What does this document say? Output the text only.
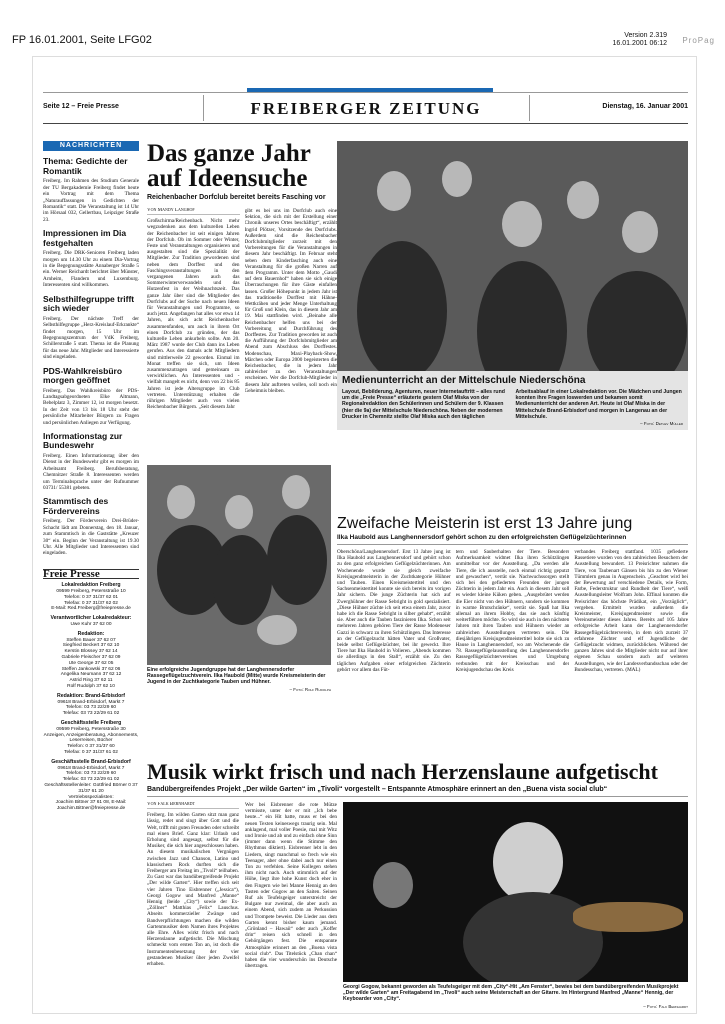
FP 16.01.2001, Seite LFG02	Version 2.319
16.01.2001 06:12 ProPag
Seite 12 – Freie Presse	FREIBERGER ZEITUNG	Dienstag, 16. Januar 2001
NACHRICHTEN
Thema: Gedichte der Romantik

Freiberg. Im Rahmen des Studium Generale der TU Bergakademie Freiberg findet heute ein Vortrag mit dem Thema „Naturauffassungen in Gedichten der Romantik“ statt. Die Veranstaltung ist 14 Uhr im Hörsaal 032, Gellertbau, Leipziger Straße 23.

Impressionen im Dia festgehalten

Freiberg. Die DRK-Senioren Freiberg laden morgen um 14.30 Uhr zu einem Dia-Vortrag in die Begegnungsstätte Annaberger Straße 5 ein. Werner Reichardt berichtet über Münster, Arnheim, Flandern und Luxemburg. Interessenten sind willkommen.

Selbsthilfegruppe trifft sich wieder

Freiberg. Der nächste Treff der Selbsthilfegruppe „Herz-Kreislauf-Erkrankte“ findet morgen, 15 Uhr im Begegnungszentrum der VdK Freiberg, Schillerstraße 5 statt. Thema ist die Planung für das neue Jahr. Mitglieder und Interessierte sind eingeladen.

PDS-Wahlkreisbüro morgen geöffnet

Freiberg. Das Wahlkreisbüro der PDS-Landtagsabgeordneten Elke Altmann, Bebelplatz 3, Zimmer 12, ist morgen besetzt. In der Zeit von 13 bis 18 Uhr steht der persönliche Mitarbeiter Bürgern zu Fragen und persönlichen Anliegen zur Verfügung.

Informationstag zur Bundeswehr

Freiberg. Einen Informationstag über den Dienst in der Bundeswehr gibt es morgen im Arbeitsamt Freiberg. Berufsberatung, Chemnitzer Straße 8. Interessenten werden um Terminabsprache unter der Rufnummer 03731/ 55381 gebeten.

Stammtisch des Fördervereins

Freiberg. Der Förderverein Drei-Brüder-Schacht lädt am Donnerstag, den 18. Januar, zum Stammtisch in die Gaststätte „Kreuzer 30“ ein. Beginn der Veranstaltung ist 19.30 Uhr. Alle Mitglieder und Interessenten sind eingeladen.

Freie Presse
Lokalredaktion Freiberg
09599 Freiberg, Petersstraße 10
Telefon: 0 37 31/37 62 01
Telefax: 0 37 31/37 62 02
E-Mail: Red.Freiberg@freiepresse.de
Verantwortlicher Lokalredakteur:
Uwe Kuhr 37 62 00
Redaktion:
Steffen Bauer 37 62 07
Siegfried Beckert 37 62 10
Kerstin Blossey 37 62 14
Gabriele Fleischer 37 62 09
Ute George 37 62 05
Steffen Jankowski 37 62 06
Angelika Neumann 37 62 12
Astrid Ring 37 62 11
Rolf Rudolph 37 62 10
Redaktion: Brand-Erbisdorf
09618 Brand-Erbisdorf, Markt 7
Telefon: 03 73 22/29 60
Telefax: 03 73 22/29 61 02
Geschäftsstelle Freiberg
09599 Freiberg, Petersstraße 30
Anzeigen, Anzeigenberatung, Abonnements, Leserreisen, Bücher
Telefon: 0 37 31/37 60
Telefax: 0 37 31/37 61 02
Geschäftsstelle Brand-Erbisdorf
09618 Brand-Erbisdorf, Markt 7
Telefon: 03 73 22/29 60
Telefax: 03 73 22/29 61 02
Geschäftsstellenleiter: Gottfried Börner 0 37 31/37 61 20
Vertriebsspezialisten:
Joachim Bittner 37 61 08, E-Mail:
Joachim.Bittner@freiepresse.de
Das ganze Jahr auf Ideensuche
Reichenbacher Dorfclub bereitet bereits Fasching vor
Von Mandy Langhof

Großschirma/Reichenbach. Nicht mehr wegzudenken aus dem kulturellen Leben der Reichenbacher ist seit einigen Jahren der Dorfclub. Ob im Sommer oder Winter, Feste und Veranstaltungen organisieren und ausgestalten sind die Spezialität der Mitglieder. Zur Tradition gewordenen sind neben dem Dorffest und den Faschingsveranstaltungen in den vergangenen Jahren auch das Sommerwinterverwandeln und das Hutzenfest in der Weihnachtszeit. Das ganze Jahr über sind die Mitglieder des Dorfclubs auf der Suche nach neuen Ideen für Veranstaltungen und Programme, so auch jetzt. Angefangen hat alles vor etwa 14 Jahren, als sich acht Reichenbacher zusammenfanden, um auch in ihrem Ort einen Dorfclub zu gründen, der das kulturelle Leben ankurbeln sollte. Am 20. März 1987 wurde der Club dann ins Leben gerufen. Aus den damals acht Mitgliedern sind mittlerweile 22 geworden. Einmal im Monat treffen sie sich, um Ideen zusammenzutragen und gemeinsam zu verwirklichen. An Interessenten und -vielfalt mangelt es nicht, denn von 22 bis 85 Jahren ist jede Altersgruppe im Club vertreten. Unterstützung erhalten die rührigen Mitglieder auch von vielen Reichenbacher Bürgern. „Seit diesem Jahr

gibt es bei uns im Dorfclub auch eine Sektion, die sich mit der Erstellung einer Chronik unseres Ortes beschäftigt“, erzählt Ingrid Plötzer, Vorsitzende des Dorfclubs. Außerdem sind die Reichenbacher Dorfclubmitglieder zurzeit mit den Vorbereitungen für die Veranstaltungen in diesem Jahr beschäftigt. Im Februar steht neben dem Kinderfasching auch eine Veranstaltung für die großen Narren auf dem Programm. Unter dem Motto „Gaudi auf dem Bauernhof“ haben sie sich einige Überraschungen für ihre Gäste einfallen lassen. Großer Höhepunkt in jedem Jahr ist das traditionelle Dorffest mit Hähne-Wettkrähen und jeder Menge Unterhaltung für Groß und Klein, das in diesem Jahr am 19. Mai stattfinden wird. „Beinahe alle Reichenbacher helfen uns bei der Vorbereitung und Durchführung des Dorffestes. Zur Tradition geworden ist auch die Aufführung der Dorfclubmitglieder am Abend zum Abschluss des Dorffestes. Modenschau, Maxi-Playback-Show, Märchen oder Europa 2000 begeisterten die Reichenbacher, die in jedem Jahr zahlreicher zu den Veranstaltungen erscheinen. Wer die Dorfclub-Mitglieder in diesem Jahr auftreten wollen, soll noch ein Geheimnis bleiben.

Medienunterricht an der Mittelschule Niederschöna

Layout, Bebilderung, Agenturen, neuer Internetauftritt – alles rund um die „Freie Presse“ erläuterte gestern Olaf Miska von der Regionalredaktion den Schülerinnen und Schülern der 9. Klassen (hier die 9a) der Mittelschule Niederschöna. Neben der modernen Drucker in Chemnitz stellte Olaf Miska auch den täglichen

Arbeitsablauf in einer Lokalredaktion vor. Die Mädchen und Jungen konnten ihre Fragen loswerden und bekamen somit Medienunterricht der anderen Art. Heute ist Olaf Miska in der Mittelschule Brand-Erbisdorf und morgen in Langenau an der Mittelschule.

– Foto: Detlev Müller
Eine erfolgreiche Jugendgruppe hat der Langhennersdorfer Rassegeflügelzuchtverein. Ilka Haubold (Mitte) wurde Kreismeisterin der Jugend in der Zuchtkategorie Tauben und Hühner.
– Foto: Rolf Rudolph
Zweifache Meisterin ist erst 13 Jahre jung
Ilka Haubold aus Langhennersdorf gehört schon zu den erfolgreichsten Geflügelzüchterinnen

Oberschöna/Langhennersdorf. Erst 13 Jahre jung ist Ilka Haubold aus Langhennersdorf und gehört schon zu den ganz erfolgreichen Geflügelzüchterinnen. Am Wochenende wurde sie gleich zweifache Kreisjugendmeisterin in der Zuchtkategorie Hühner und Tauben. Einen Kreismeistertitel und den Sachsenmeistertitel konnte sie sich bereits im vorigen Jahr sichern. Die junge Züchterin hat sich auf Zwerghühner der Rasse Sebright in gold spezialisiert. „Diese Hühner züchte ich seit etwa einem Jahr, zuvor habe ich die Rasse Sebright in silber gehabt“, erzählt sie. Aber auch die Tauben faszinieren Ilka. Schon seit mehreren Jahren gehören Tiere der Rasse Modeneser Gazzi in schwarz zu ihren Schützlingen. Das Interesse an der Geflügelzucht hätten Vater und Großvater, beide selbst Geflügelzüchter, bei ihr geweckt. Ihre Tiere hat Ilka Haubold in Volieren. „Abends kommen sie allerdings in den Stall“, erzählt sie. Zu den täglichen Aufgaben einer erfolgreichen Züchterin gehört vor allem das Füt-

tern und Sauberhalten der Tiere. Besonders Aufmerksamkeit widmet Ilka ihren Schützlingen unmittelbar vor der Ausstellung. „Da werden alle Tiere, die ich ausstelle, noch einmal richtig geputzt und gewaschen“, verrät sie. Nachwuchssorgen stellt sich bei den gefiederten Freunden der jungen Züchterin in jedem Jahr ein. Auch in diesem Jahr soll es wieder kleine Küken geben. „Ausgebrütet werden die Eier nicht von den Hühnern, sondern sie kommen in warme Brutschränke“, verrät sie. Spaß hat Ilka allemal an ihrem Hobby, das sie auch künftig weiterführen möchte. So wird sie auch in den nächsten Jahren mit ihren Tauben und Hühnern wieder an zahlreichen Ausstellungen vertreten sein. Die diesjährigen Kreisjugendmeistertitel holte sie sich zu Hause in Langhennersdorf, wo am Wochenende die 78. Rassegeflügelausstellung des Langhennersdorfer Rassegeflügelzüchtervereines und Umgebung verbunden mit der Kreisschau und der Kreisjugendschau des Kreis

verbandes Freiberg stattfand. 1035 gefiederte Rassetiere wurden von den zahlreichen Besuchern der Ausstellung bewundert. 13 Preisrichter nahmen die Tiere, von Taubenart Gänsen bis hin zu den Wiener Tümmlern genau in Augenschein. „Geachtet wird bei der Bewertung auf verschiedene Details, wie Form, Farbe, Federstruktur und Rundheit der Tiere“, weiß Ausstellungsleiter Wolfram John. Effinal konnten die Preisrichter das höchste Prädikat, ein „Vorzüglich“, vergeben. Ermittelt wurden außerdem die Kreismeister, Kreisjugendmeister sowie die Vereinsmeister dieses Jahres. Bereits auf 105 Jahre erfolgreiche Arbeit kann der Langhennersdorfer Rassegeflügelzüchterverein, in dem sich zurzeit 37 erfahrene Züchter und elf Jugendliche der Geflügelzucht widmen, zurückblicken. Während der ganzen Jahres sind die Mitglieder nicht nur auf ihrer eigenen Schau sondern auch auf weiteren Ausstellungen, wie der Landesverbandsschau oder der Bundesschau, vertreten. (MAL)

Musik wirkt frisch und nach Herzenslaune aufgetischt
Bandübergreifendes Projekt „Der wilde Garten“ im „Tivoli“ vorgestellt – Entspannte Atmosphäre erinnert an den „Buena vista social club“
Von Falk Bernhardt

Freiberg. Im wilden Garten sitzt man ganz lässig, redet und singt über Gott und die Welt, trifft mit guten Freunden oder schreibt mal einen Brief. Ganz klar: Urlaub und Erholung sind angesagt, selbst für die Musiker, die sich hier angeschlossen haben. An diesem musikalischen Vergnügen zwischen Jazz und Chanson, Latino und klassischem Rock durften sich die Freiberger am Freitag im „Tivoli“ teilhaben. Zu Gast war das bandübergreifende Projekt „Der wilde Garten“. Hier treffen sich seit vier Jahren Tino Eisbrenner („Jessica“), Georgi Gogow und Manfred „Manne“ Hennig (beide „City“) sowie der Ex-„Zöllner“ Matthias „Felix“ Lauschus. Abseits kommerzieller Zwänge und Bandverpflichtungen machen die wilden Gartenmusiker dem Namen ihres Projektes alle Ehre. Alles wirkt frisch und nach Herzenslaune aufgetischt. Die Mischung schmeckt vom ersten Ton an, ist doch die Instrumentenbesetzung der vier gestandenen Musiker über jeden Zweifel erhaben.

Wer bei Eisbrenner die rote Mütze vermisste, unter der er mit „Ich bebe heute...“ ein Hit hatte, muss er bei den neuen Texten keineswegs traurig sein. Mal anklagend, mal voller Poesie, mal mit Witz und Ironie und ab und zu einfach ohne Sinn (immer dann wenn die Stimme den Rhythmus diktiert). Eisbrenner lebt in den Liedern, singt manchmal so frech wie ein Teenager, aber ohne dabei auch nur einen Ton zu verfehlen. Seine Kollegen stehen ihm nicht nach. Auch stimmlich auf der Höhe, liegt ihre hohe Kunst doch eher in den Fingern wie bei Manne Hennig an den Tasten oder Gogow an den Saiten. Seinen Ruf als Teufelsgeiger unterstreicht der Bulgare nur zweimal, die aber auch an einem Abend, sich zudem an Perkussion und Trompete beweist. Die Lieder aus dem Garten kennt bisher kaum jemand. „Grönland – Hawaii“ oder auch „Koffer drin“ reisen sich schnell in den Gehörgängen fest. Die entspannte Atmosphäre erinnert an den „Buena vista social club“. Das Titelstück „Chan chan“ haben die vier wunderschön ins Deutsche übertragen.

Georgi Gogow, bekannt geworden als Teufelsgeiger mit dem „City“-Hit „Am Fenster“, bewies bei dem bandübergreifenden Musikprojekt „Der wilde Garten“ am Freitagabend im „Tivoli“ auch seine Meisterschaft an der Gitarre. Im Hintergrund Manfred „Manne“ Hennig, der Keyboarder von „City“.
– Foto: Falk Bernhardt
